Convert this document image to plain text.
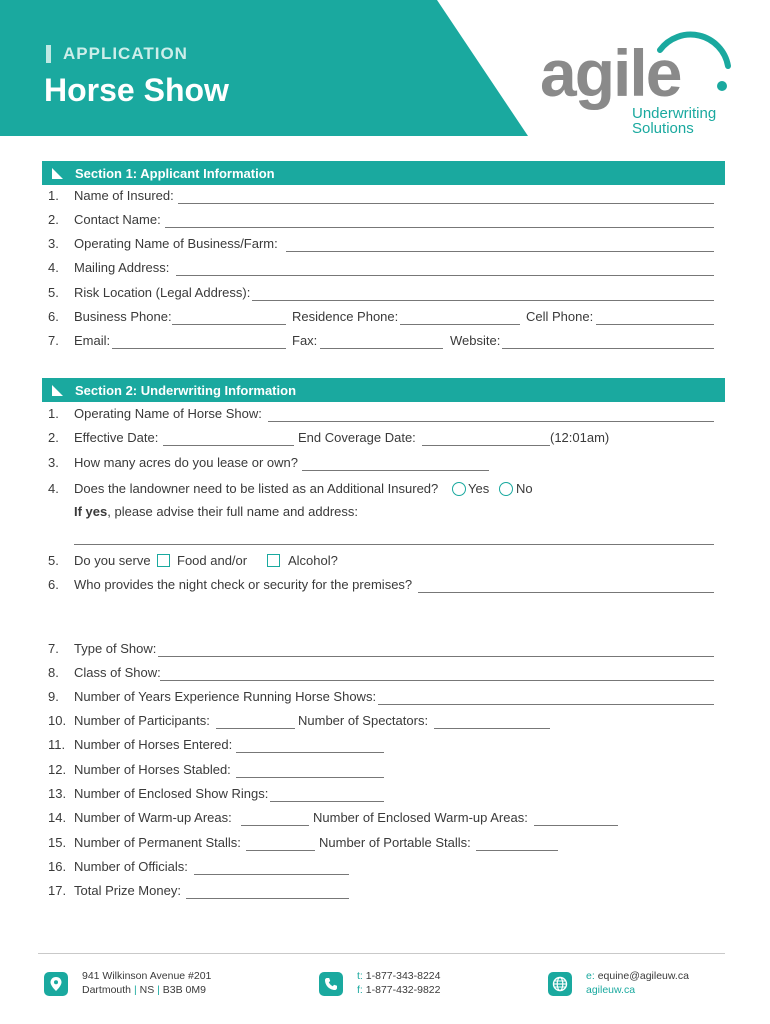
APPLICATION
Horse Show	agile
Underwriting
Solutions
Section 1: Applicant Information
1.	Name of Insured:
2.	Contact Name:
3.	Operating Name of Business/Farm:
4.	Mailing Address:
5.	Risk Location (Legal Address):
6.	Business Phone:	Residence Phone:	Cell Phone:
7.	Email:	Fax:	Website:
Section 2: Underwriting Information
1.	Operating Name of Horse Show:
2.	Effective Date:	End Coverage Date:	(12:01am)
3.	How many acres do you lease or own?
4.	Does the landowner need to be listed as an Additional Insured? Yes No
If yes, please advise their full name and address:
5.	Do you serve Food and/or	Alcohol?
6.	Who provides the night check or security for the premises?
7.	Type of Show:
8.	Class of Show:
9.	Number of Years Experience Running Horse Shows:
10. Number of Participants:	Number of Spectators:
11. Number of Horses Entered:
12. Number of Horses Stabled:
13. Number of Enclosed Show Rings:
14. Number of Warm-up Areas:	Number of Enclosed Warm-up Areas:
15. Number of Permanent Stalls:	Number of Portable Stalls:
16. Number of Officials:
17. Total Prize Money:
941 Wilkinson Avenue #201
Dartmouth | NS | B3B 0M9
t: 1-877-343-8224
f: 1-877-432-9822
e: equine@agileuw.ca
agileuw.ca
